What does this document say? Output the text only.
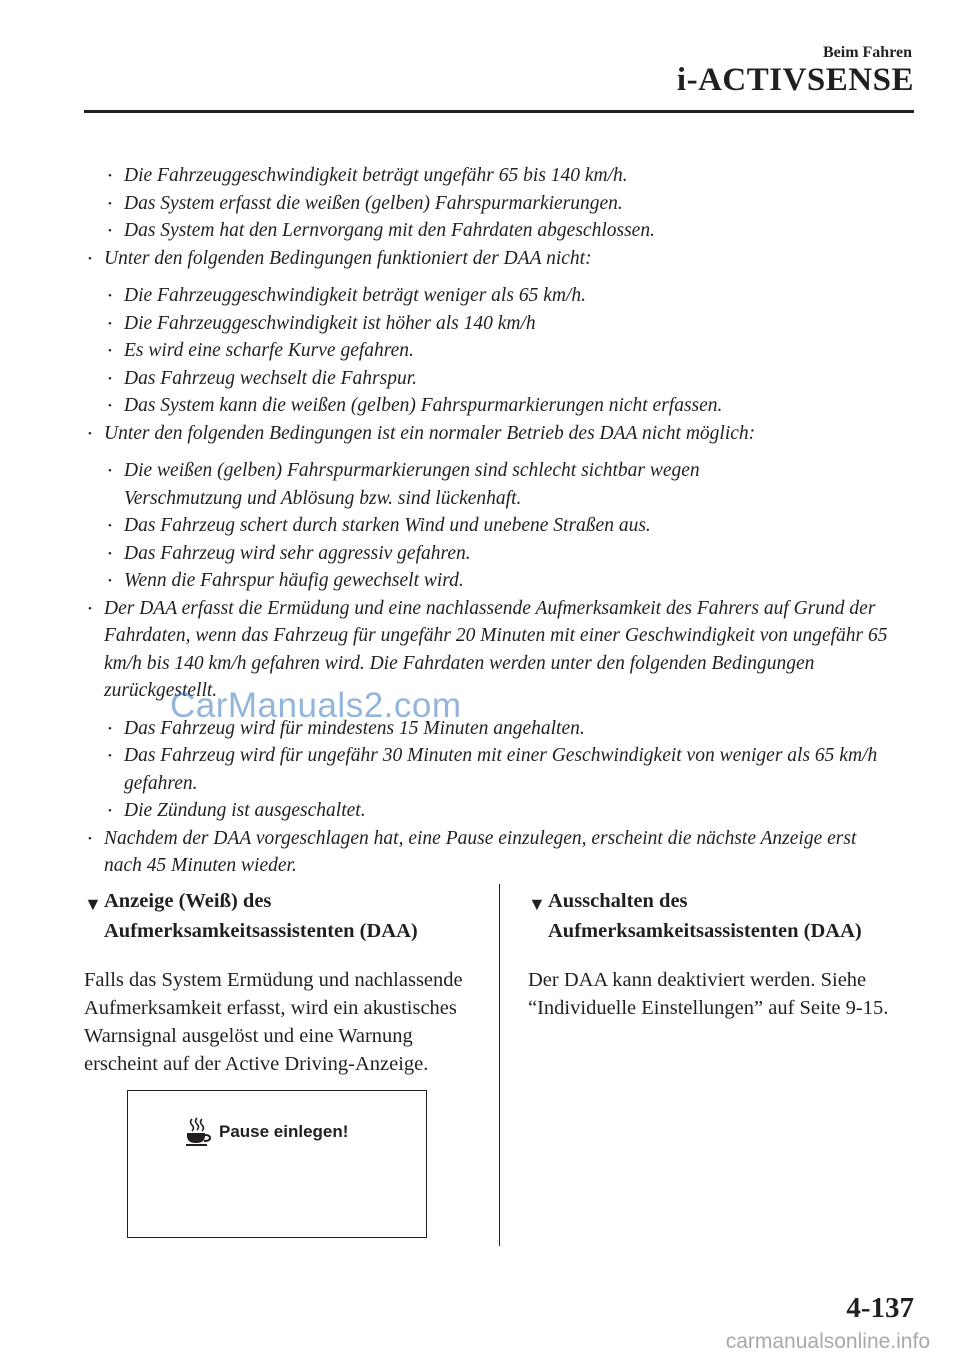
Beim Fahren
i-ACTIVSENSE
• Die Fahrzeuggeschwindigkeit beträgt ungefähr 65 bis 140 km/h.
• Das System erfasst die weißen (gelben) Fahrspurmarkierungen.
• Das System hat den Lernvorgang mit den Fahrdaten abgeschlossen.
• Unter den folgenden Bedingungen funktioniert der DAA nicht:
• Die Fahrzeuggeschwindigkeit beträgt weniger als 65 km/h.
• Die Fahrzeuggeschwindigkeit ist höher als 140 km/h
• Es wird eine scharfe Kurve gefahren.
• Das Fahrzeug wechselt die Fahrspur.
• Das System kann die weißen (gelben) Fahrspurmarkierungen nicht erfassen.
• Unter den folgenden Bedingungen ist ein normaler Betrieb des DAA nicht möglich:
• Die weißen (gelben) Fahrspurmarkierungen sind schlecht sichtbar wegen Verschmutzung und Ablösung bzw. sind lückenhaft.
• Das Fahrzeug schert durch starken Wind und unebene Straßen aus.
• Das Fahrzeug wird sehr aggressiv gefahren.
• Wenn die Fahrspur häufig gewechselt wird.
• Der DAA erfasst die Ermüdung und eine nachlassende Aufmerksamkeit des Fahrers auf Grund der Fahrdaten, wenn das Fahrzeug für ungefähr 20 Minuten mit einer Geschwindigkeit von ungefähr 65 km/h bis 140 km/h gefahren wird. Die Fahrdaten werden unter den folgenden Bedingungen zurückgestellt.
• Das Fahrzeug wird für mindestens 15 Minuten angehalten.
• Das Fahrzeug wird für ungefähr 30 Minuten mit einer Geschwindigkeit von weniger als 65 km/h gefahren.
• Die Zündung ist ausgeschaltet.
• Nachdem der DAA vorgeschlagen hat, eine Pause einzulegen, erscheint die nächste Anzeige erst nach 45 Minuten wieder.
CarManuals2.com
▼ Anzeige (Weiß) des Aufmerksamkeitsassistenten (DAA)

Falls das System Ermüdung und nachlassende Aufmerksamkeit erfasst, wird ein akustisches Warnsignal ausgelöst und eine Warnung erscheint auf der Active Driving-Anzeige.

Pause einlegen!
▼ Ausschalten des Aufmerksamkeitsassistenten (DAA)

Der DAA kann deaktiviert werden. Siehe “Individuelle Einstellungen” auf Seite 9-15.

4-137
carmanualsonline.info
